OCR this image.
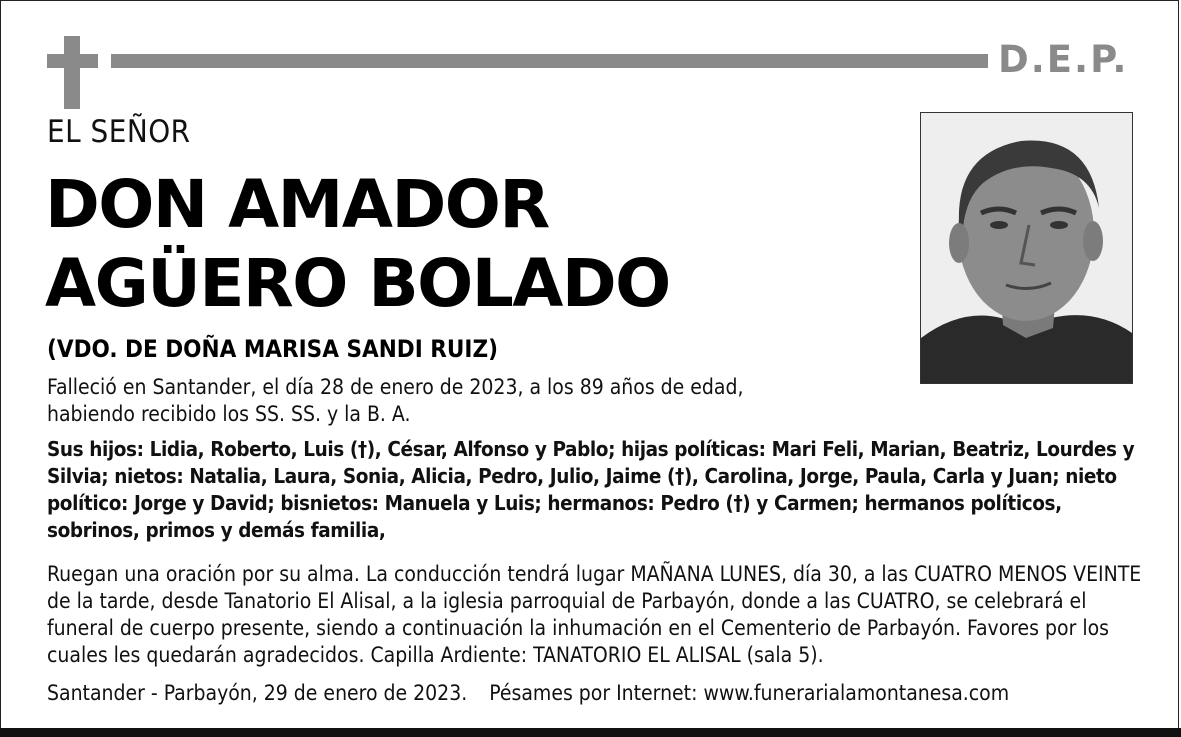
D.E.P.
EL SEÑOR
DON AMADOR
AGÜERO BOLADO
(VDO. DE DOÑA MARISA SANDI RUIZ)
Falleció en Santander, el día 28 de enero de 2023, a los 89 años de edad,
habiendo recibido los SS. SS. y la B. A.
Sus hijos: Lidia, Roberto, Luis (†), César, Alfonso y Pablo; hijas políticas: Mari Feli, Marian, Beatriz, Lourdes y Silvia; nietos: Natalia, Laura, Sonia, Alicia, Pedro, Julio, Jaime (†), Carolina, Jorge, Paula, Carla y Juan; nieto político: Jorge y David; bisnietos: Manuela y Luis; hermanos: Pedro (†) y Carmen; hermanos políticos, sobrinos, primos y demás familia,
Ruegan una oración por su alma. La conducción tendrá lugar MAÑANA LUNES, día 30, a las CUATRO MENOS VEINTE de la tarde, desde Tanatorio El Alisal, a la iglesia parroquial de Parbayón, donde a las CUATRO, se celebrará el funeral de cuerpo presente, siendo a continuación la inhumación en el Cementerio de Parbayón. Favores por los cuales les quedarán agradecidos. Capilla Ardiente: TANATORIO EL ALISAL (sala 5).
Santander - Parbayón, 29 de enero de 2023. Pésames por Internet: www.funerarialamontanesa.com
